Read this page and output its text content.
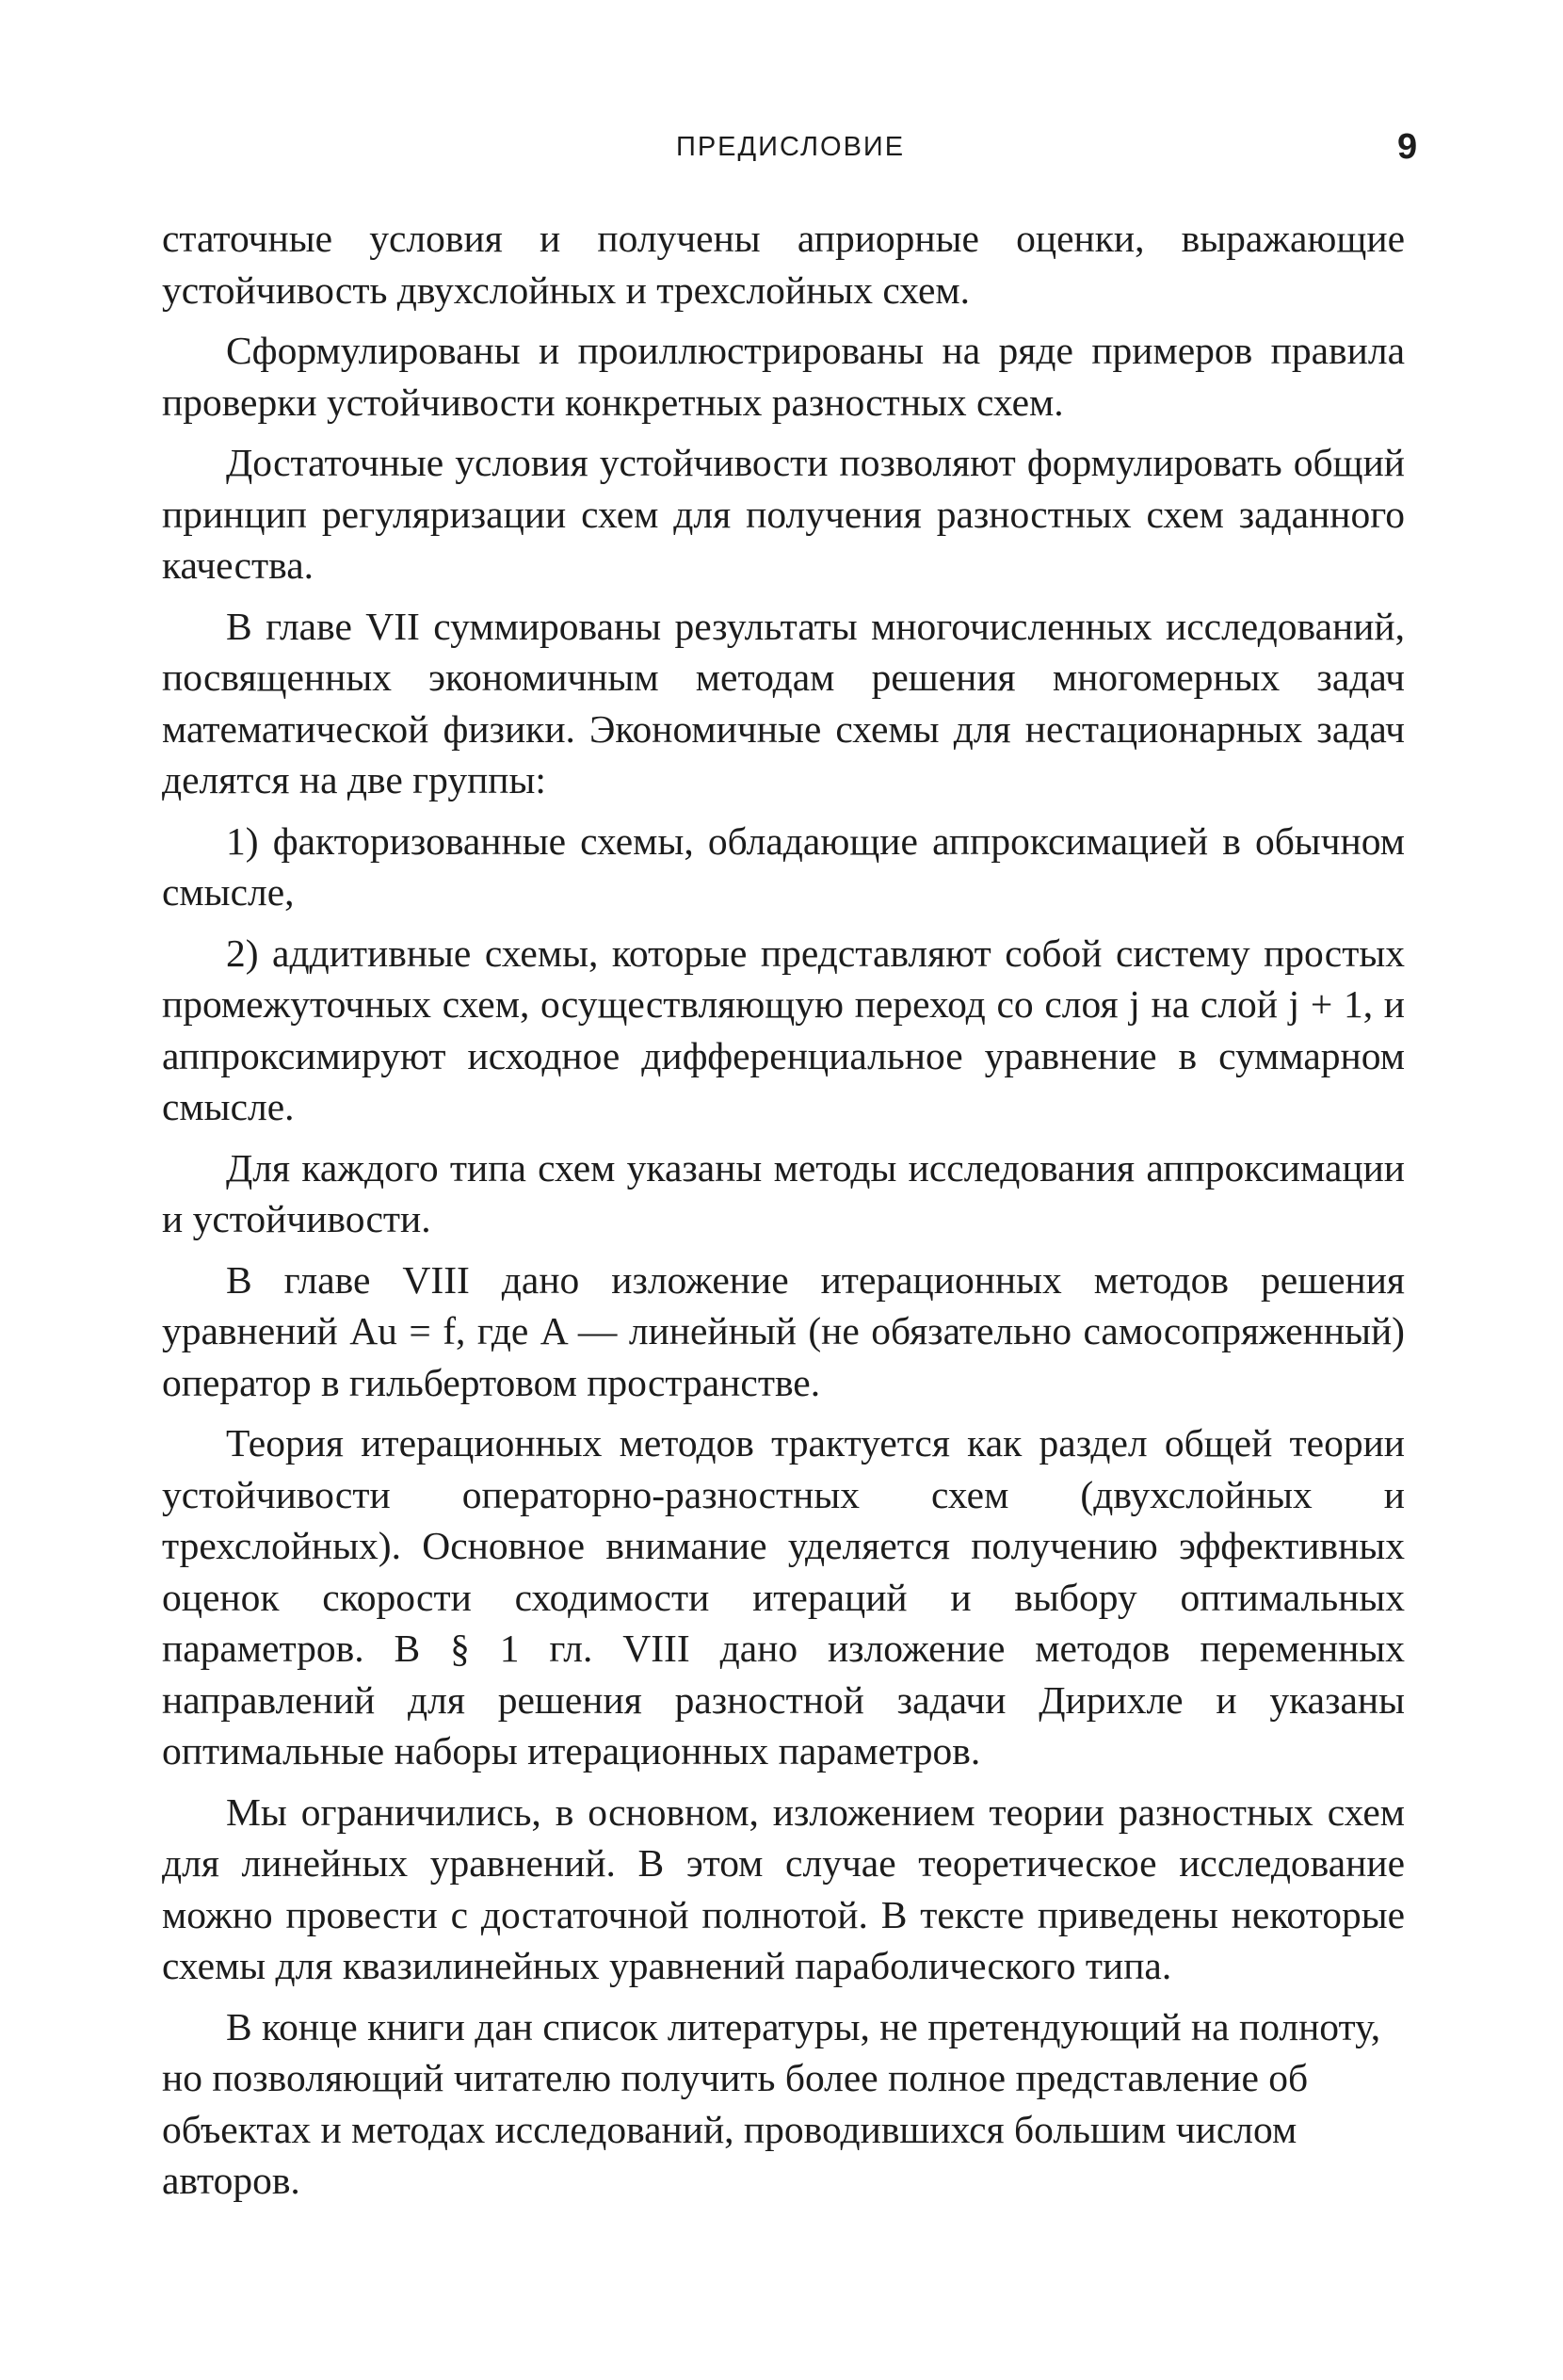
ПРЕДИСЛОВИЕ	9

статочные условия и получены априорные оценки, выражающие устойчивость двухслойных и трехслойных схем.

Сформулированы и проиллюстрированы на ряде примеров правила проверки устойчивости конкретных разностных схем.

Достаточные условия устойчивости позволяют формулировать общий принцип регуляризации схем для получения разностных схем заданного качества.

В главе VII суммированы результаты многочисленных исследований, посвященных экономичным методам решения многомерных задач математической физики. Экономичные схемы для нестационарных задач делятся на две группы:

1) факторизованные схемы, обладающие аппроксимацией в обычном смысле,

2) аддитивные схемы, которые представляют собой систему простых промежуточных схем, осуществляющую переход со слоя j на слой j + 1, и аппроксимируют исходное дифференциальное уравнение в суммарном смысле.

Для каждого типа схем указаны методы исследования аппроксимации и устойчивости.

В главе VIII дано изложение итерационных методов решения уравнений Au = f, где A — линейный (не обязательно самосопряженный) оператор в гильбертовом пространстве.

Теория итерационных методов трактуется как раздел общей теории устойчивости операторно-разностных схем (двухслойных и трехслойных). Основное внимание уделяется получению эффективных оценок скорости сходимости итераций и выбору оптимальных параметров. В § 1 гл. VIII дано изложение методов переменных направлений для решения разностной задачи Дирихле и указаны оптимальные наборы итерационных параметров.

Мы ограничились, в основном, изложением теории разностных схем для линейных уравнений. В этом случае теоретическое исследование можно провести с достаточной полнотой. В тексте приведены некоторые схемы для квазилинейных уравнений параболического типа.

В конце книги дан список литературы, не претендующий на полноту, но позволяющий читателю получить более полное представление об объектах и методах исследований, проводившихся большим числом авторов.
